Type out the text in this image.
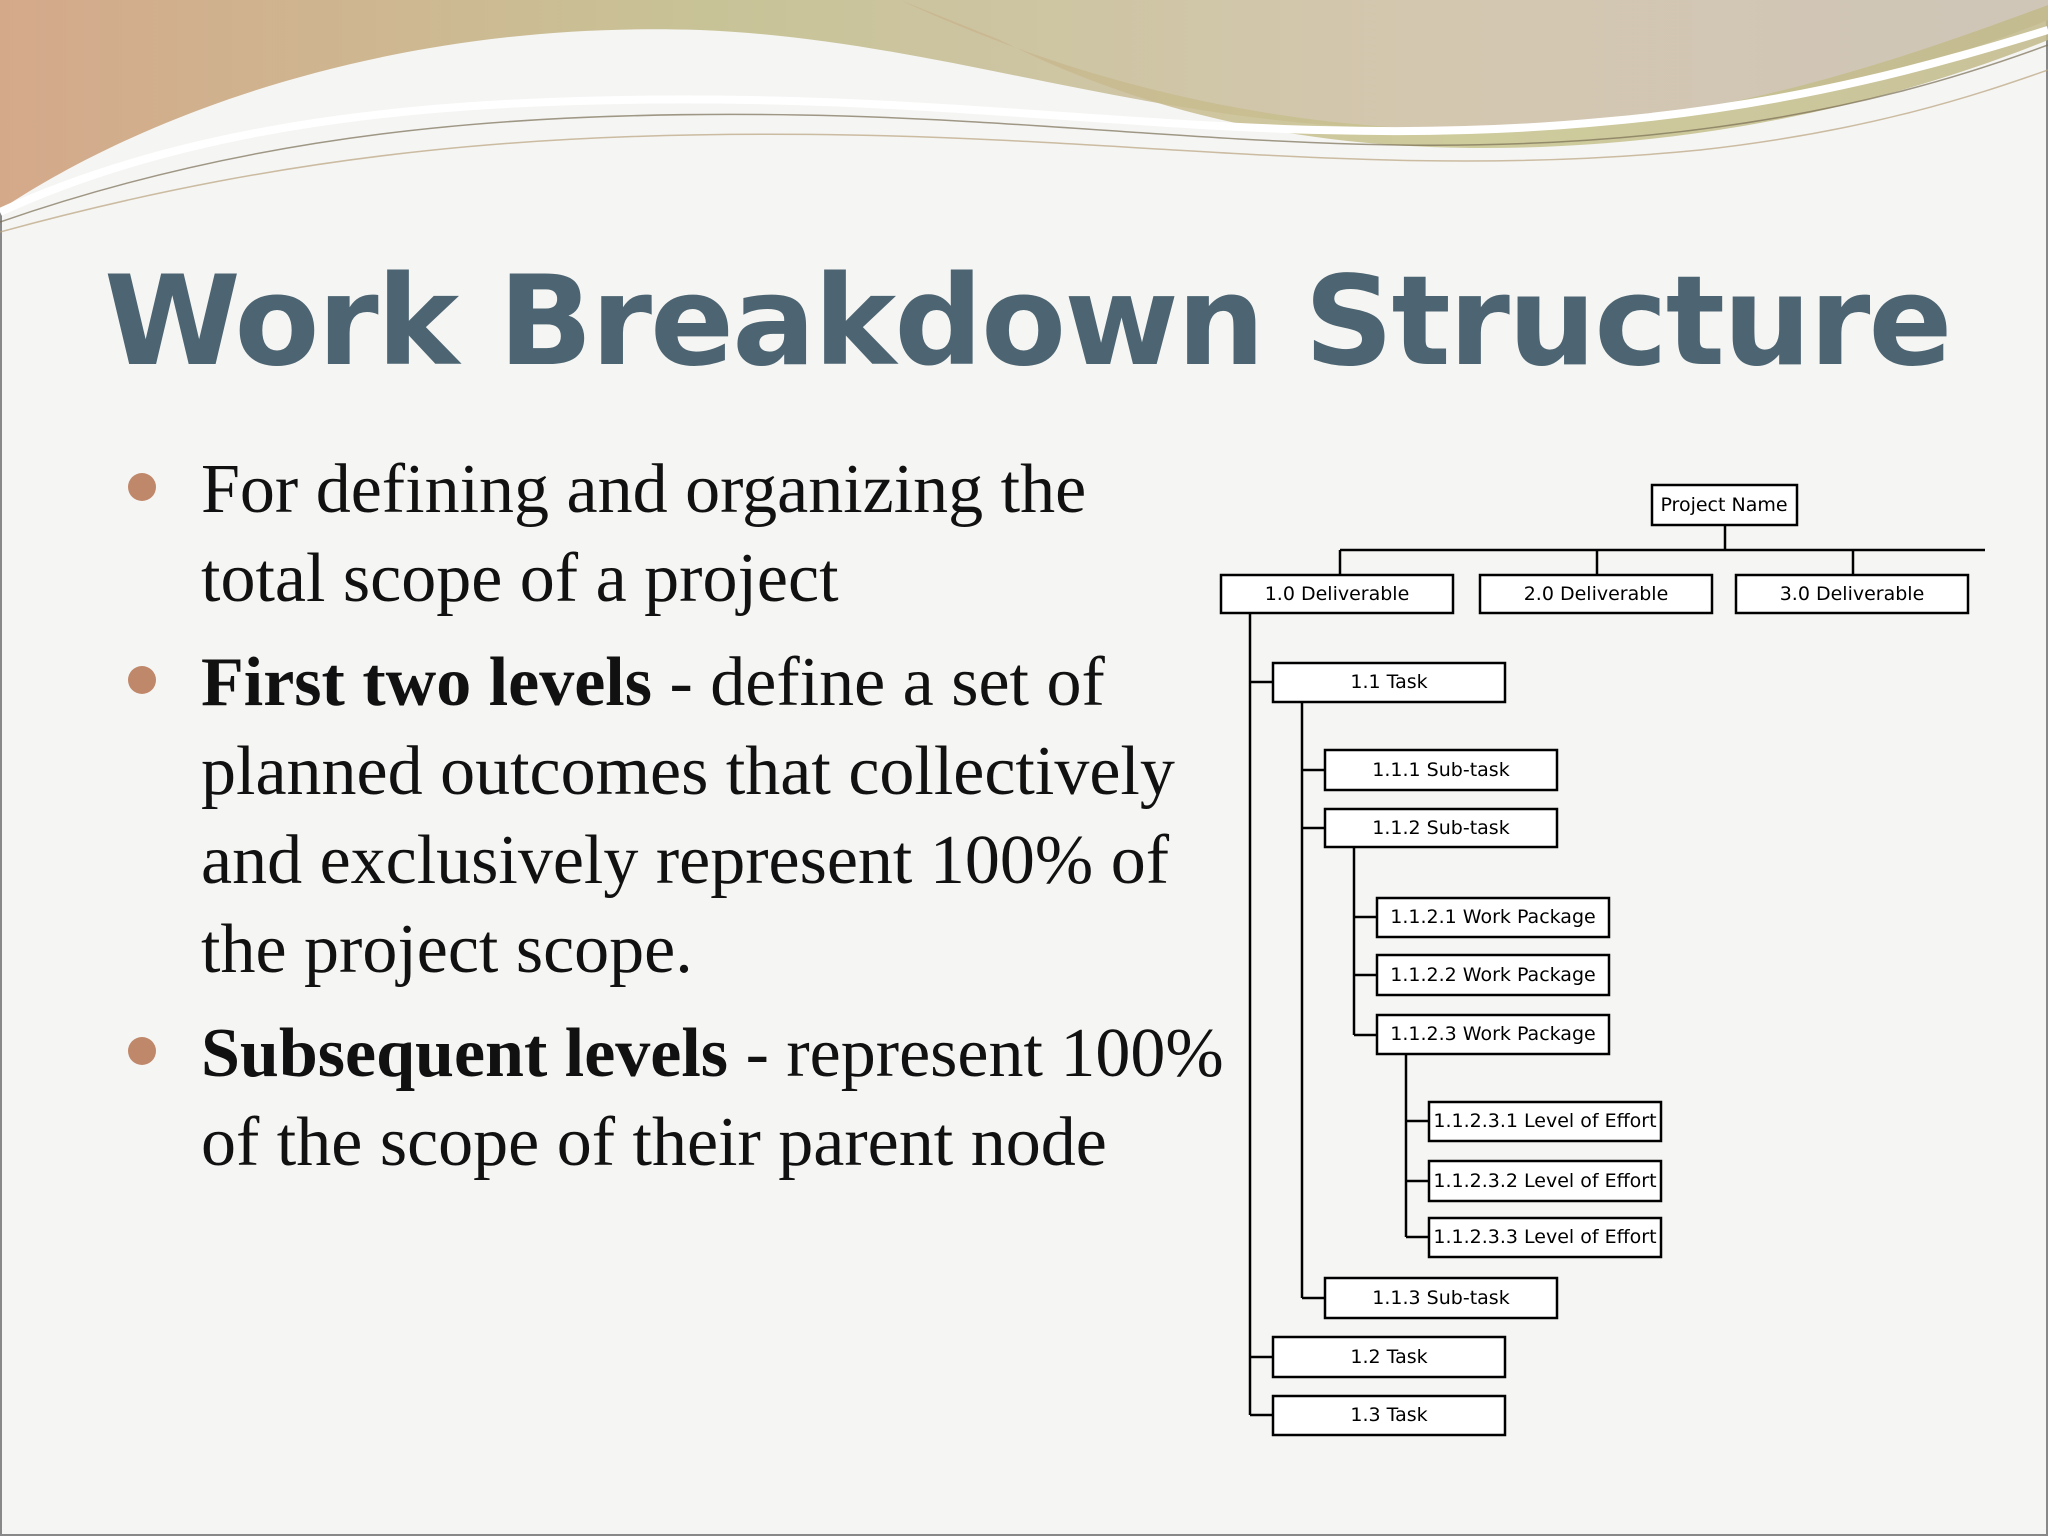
Work Breakdown Structure
For defining and organizing the total scope of a project
First two levels - define a set of planned outcomes that collectively and exclusively represent 100% of the project scope.
Subsequent levels - represent 100% of the scope of their parent node
Project Name
1.0 Deliverable	2.0 Deliverable	3.0 Deliverable
1.1 Task
1.2 Task
1.3 Task
1.1.1 Sub-task
1.1.2 Sub-task
1.1.3 Sub-task
1.1.2.1 Work Package
1.1.2.2 Work Package
1.1.2.3 Work Package
1.1.2.3.1 Level of Effort
1.1.2.3.2 Level of Effort
1.1.2.3.3 Level of Effort
